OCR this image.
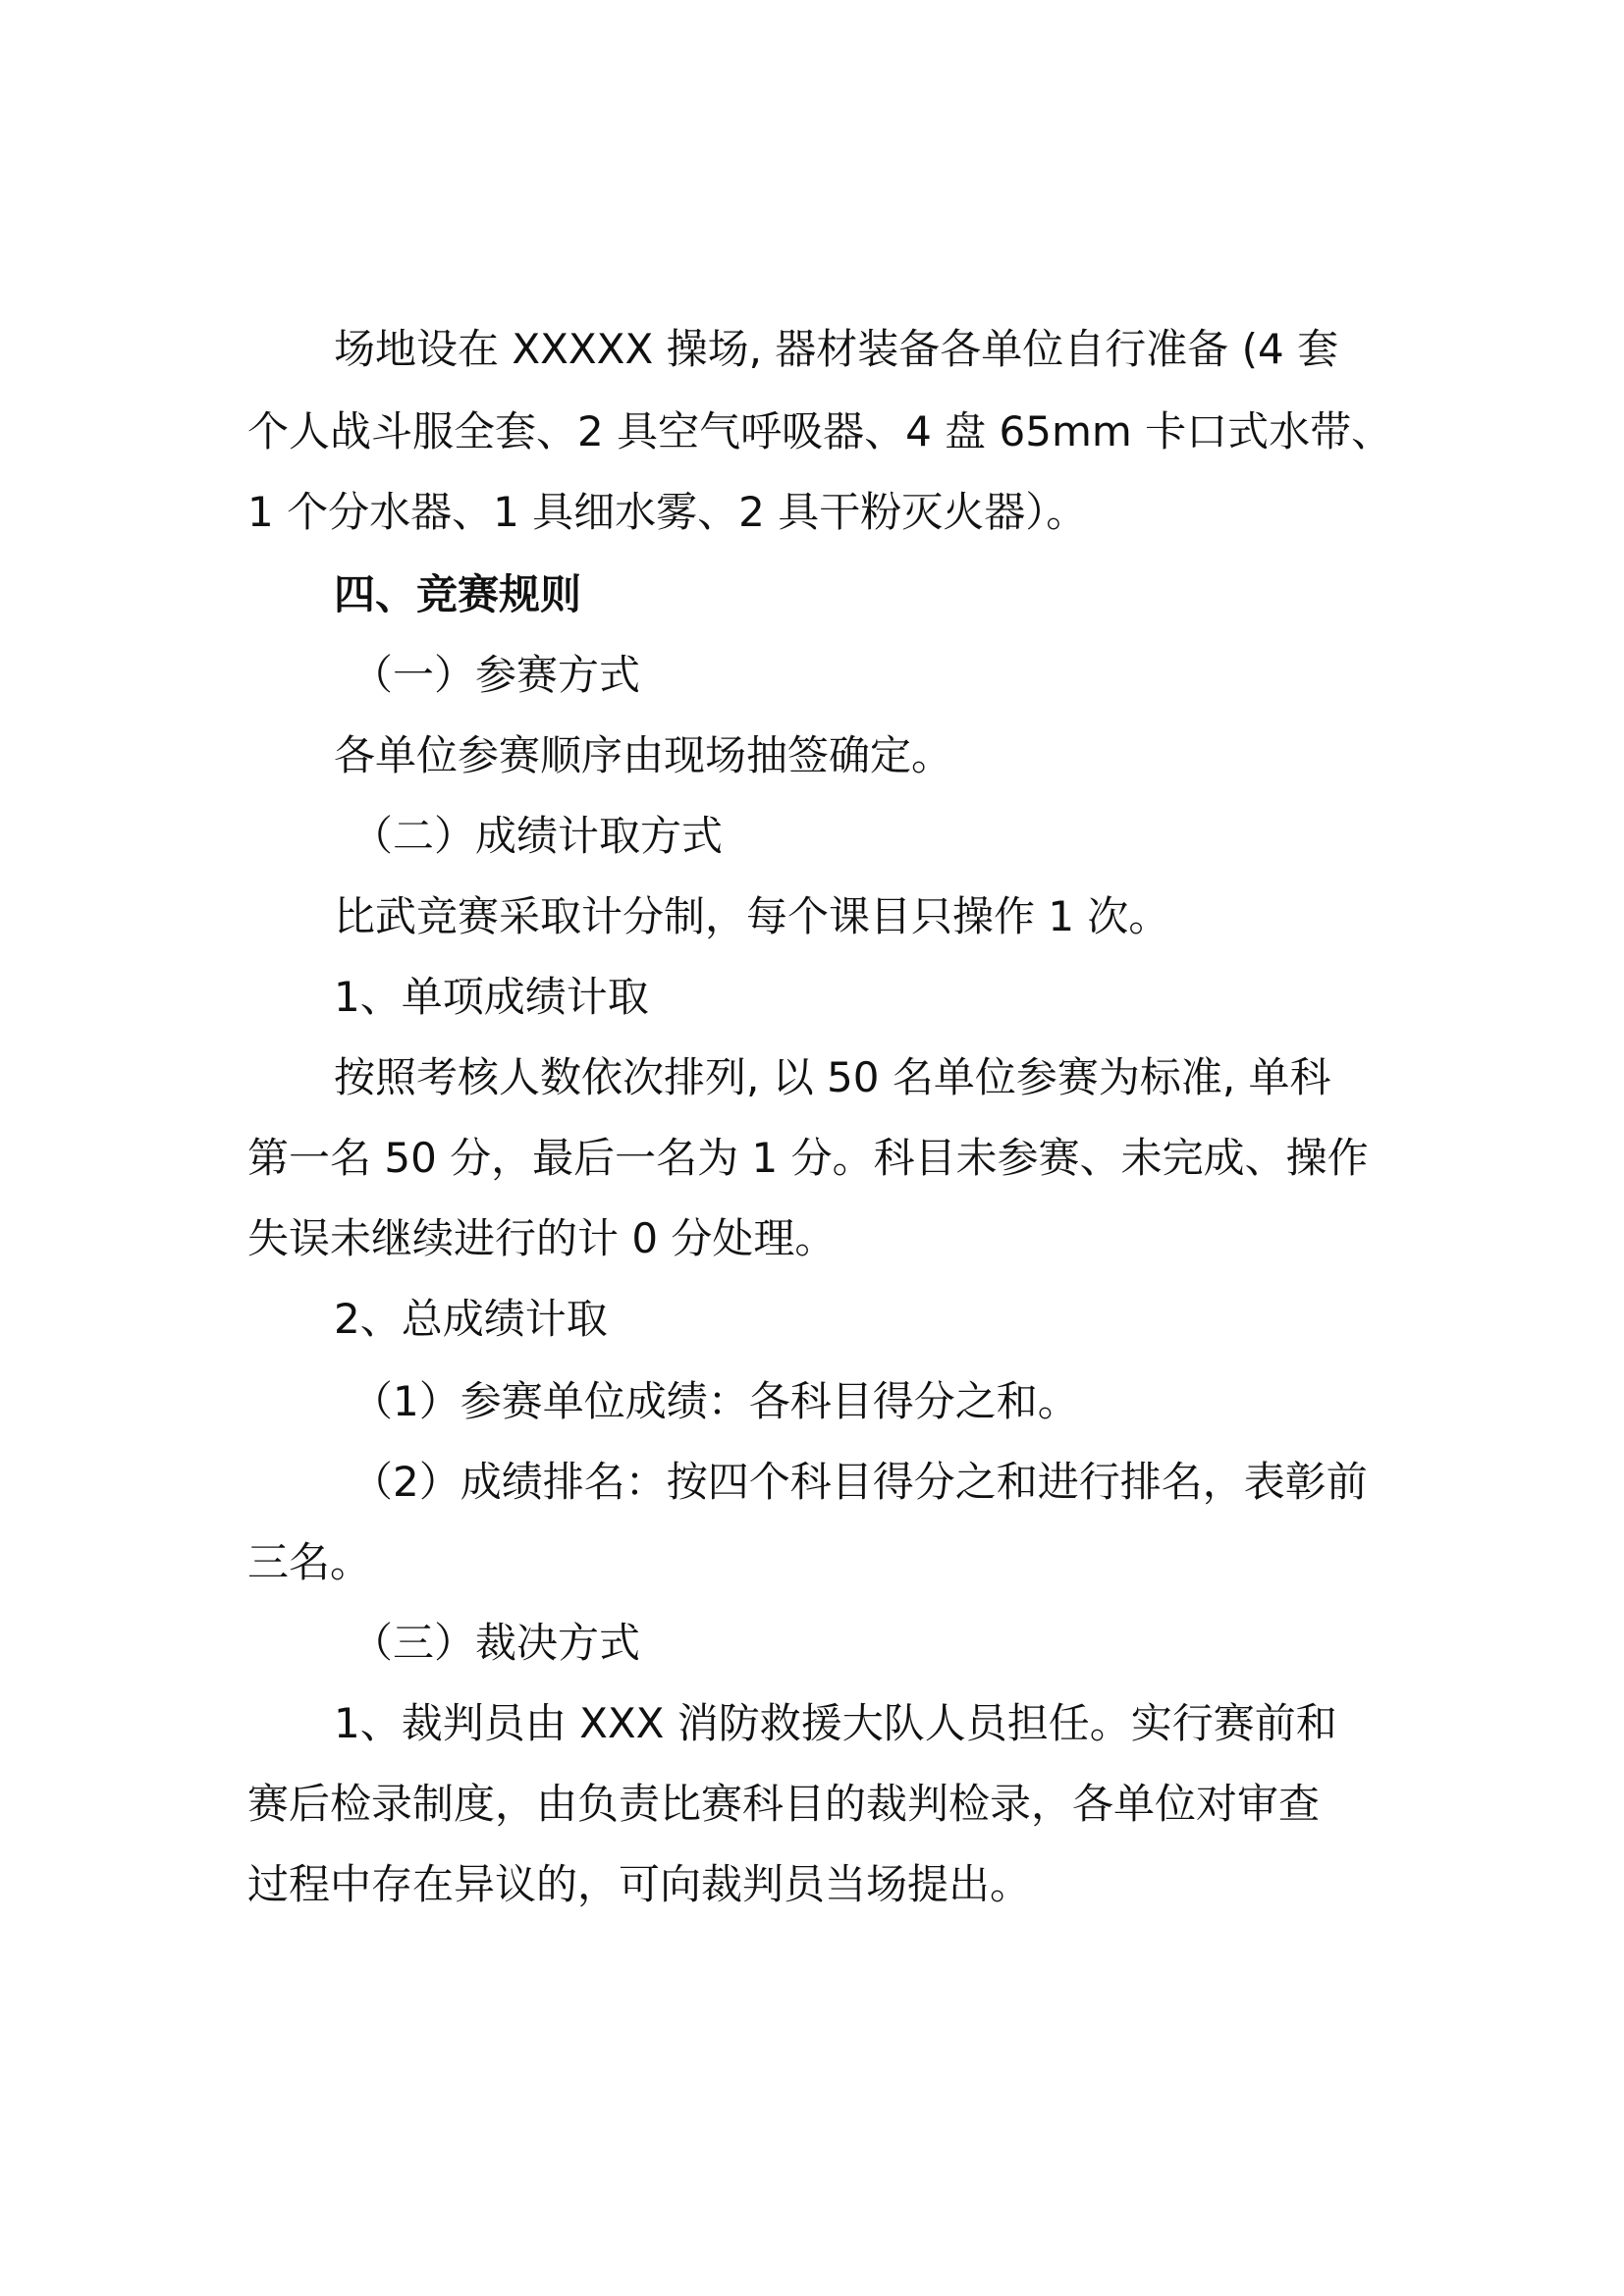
场地设在 XXXXX 操场, 器材装备各单位自行准备 (4 套
个人战斗服全套、2 具空气呼吸器、4 盘 65mm 卡口式水带、
1 个分水器、1 具细水雾、2 具干粉灭火器）。
四、竞赛规则
（一）参赛方式
各单位参赛顺序由现场抽签确定。
（二）成绩计取方式
比武竞赛采取计分制，每个课目只操作 1 次。
1、单项成绩计取
按照考核人数依次排列, 以 50 名单位参赛为标准, 单科
第一名 50 分，最后一名为 1 分。科目未参赛、未完成、操作
失误未继续进行的计 0 分处理。
2、总成绩计取
（1）参赛单位成绩：各科目得分之和。
（2）成绩排名：按四个科目得分之和进行排名，表彰前
三名。
（三）裁决方式
1、裁判员由 XXX 消防救援大队人员担任。实行赛前和
赛后检录制度，由负责比赛科目的裁判检录，各单位对审查
过程中存在异议的，可向裁判员当场提出。
